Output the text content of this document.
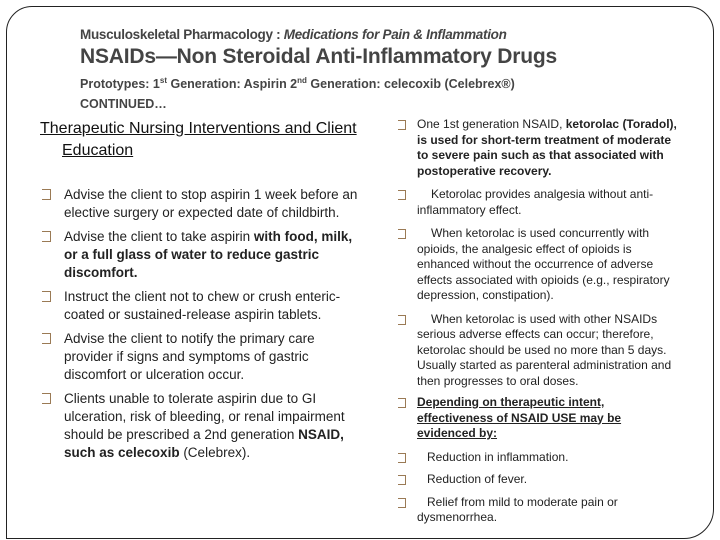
Musculoskeletal Pharmacology : Medications for Pain & Inflammation
NSAIDs—Non Steroidal Anti-Inflammatory Drugs
Prototypes: 1st Generation: Aspirin 2nd Generation: celecoxib (Celebrex®)
CONTINUED…
Therapeutic Nursing Interventions and Client Education
Advise the client to stop aspirin 1 week before an elective surgery or expected date of childbirth.
Advise the client to take aspirin with food, milk, or a full glass of water to reduce gastric discomfort.
Instruct the client not to chew or crush enteric-coated or sustained-release aspirin tablets.
Advise the client to notify the primary care provider if signs and symptoms of gastric discomfort or ulceration occur.
Clients unable to tolerate aspirin due to GI ulceration, risk of bleeding, or renal impairment should be prescribed a 2nd generation NSAID, such as celecoxib (Celebrex).
One 1st generation NSAID, ketorolac (Toradol), is used for short-term treatment of moderate to severe pain such as that associated with postoperative recovery.
Ketorolac provides analgesia without anti-inflammatory effect.
When ketorolac is used concurrently with opioids, the analgesic effect of opioids is enhanced without the occurrence of adverse effects associated with opioids (e.g., respiratory depression, constipation).
When ketorolac is used with other NSAIDs serious adverse effects can occur; therefore, ketorolac should be used no more than 5 days. Usually started as parenteral administration and then progresses to oral doses.
Depending on therapeutic intent, effectiveness of NSAID USE may be evidenced by:
Reduction in inflammation.
Reduction of fever.
Relief from mild to moderate pain or dysmenorrhea.
